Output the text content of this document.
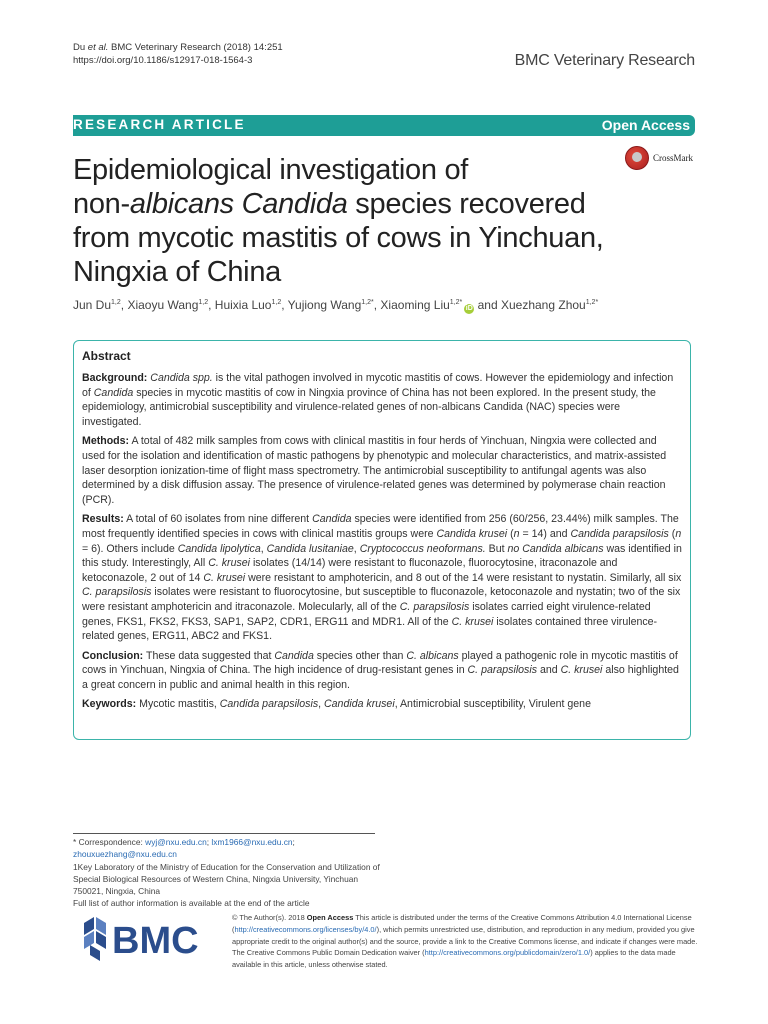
Du et al. BMC Veterinary Research (2018) 14:251
https://doi.org/10.1186/s12917-018-1564-3	BMC Veterinary Research
RESEARCH ARTICLE	Open Access
CrossMark
Epidemiological investigation of
non-albicans Candida species recovered
from mycotic mastitis of cows in Yinchuan,
Ningxia of China
Jun Du$^{1,2}$, Xiaoyu Wang$^{1,2}$, Huixia Luo$^{1,2}$, Yujiong Wang$^{1,2*}$, Xiaoming Liu$^{1,2*}$iD and Xuezhang Zhou$^{1,2*}$
Abstract

Background: Candida spp. is the vital pathogen involved in mycotic mastitis of cows. However the epidemiology and infection of Candida species in mycotic mastitis of cow in Ningxia province of China has not been explored. In the present study, the epidemiology, antimicrobial susceptibility and virulence-related genes of non-albicans Candida (NAC) species were investigated.

Methods: A total of 482 milk samples from cows with clinical mastitis in four herds of Yinchuan, Ningxia were collected and used for the isolation and identification of mastic pathogens by phenotypic and molecular characteristics, and matrix-assisted laser desorption ionization-time of flight mass spectrometry. The antimicrobial susceptibility to antifungal agents was also determined by a disk diffusion assay. The presence of virulence-related genes was determined by polymerase chain reaction (PCR).

Results: A total of 60 isolates from nine different Candida species were identified from 256 (60/256, 23.44%) milk samples. The most frequently identified species in cows with clinical mastitis groups were Candida krusei (n = 14) and Candida parapsilosis (n = 6). Others include Candida lipolytica, Candida lusitaniae, Cryptococcus neoformans. But no Candida albicans was identified in this study. Interestingly, All C. krusei isolates (14/14) were resistant to fluconazole, fluorocytosine, itraconazole and ketoconazole, 2 out of 14 C. krusei were resistant to amphotericin, and 8 out of the 14 were resistant to nystatin. Similarly, all six C. parapsilosis isolates were resistant to fluorocytosine, but susceptible to fluconazole, ketoconazole and nystatin; two of the six were resistant amphotericin and itraconazole. Molecularly, all of the C. parapsilosis isolates carried eight virulence-related genes, FKS1, FKS2, FKS3, SAP1, SAP2, CDR1, ERG11 and MDR1. All of the C. krusei isolates contained three virulence-related genes, ERG11, ABC2 and FKS1.

Conclusion: These data suggested that Candida species other than C. albicans played a pathogenic role in mycotic mastitis of cows in Yinchuan, Ningxia of China. The high incidence of drug-resistant genes in C. parapsilosis and C. krusei also highlighted a great concern in public and animal health in this region.

Keywords: Mycotic mastitis, Candida parapsilosis, Candida krusei, Antimicrobial susceptibility, Virulent gene

* Correspondence: wyj@nxu.edu.cn; lxm1966@nxu.edu.cn;
zhouxuezhang@nxu.edu.cn
1Key Laboratory of the Ministry of Education for the Conservation and Utilization of Special Biological Resources of Western China, Ningxia University, Yinchuan 750021, Ningxia, China
Full list of author information is available at the end of the article
BMC
© The Author(s). 2018 Open Access This article is distributed under the terms of the Creative Commons Attribution 4.0 International License (http://creativecommons.org/licenses/by/4.0/), which permits unrestricted use, distribution, and reproduction in any medium, provided you give appropriate credit to the original author(s) and the source, provide a link to the Creative Commons license, and indicate if changes were made. The Creative Commons Public Domain Dedication waiver (http://creativecommons.org/publicdomain/zero/1.0/) applies to the data made available in this article, unless otherwise stated.
